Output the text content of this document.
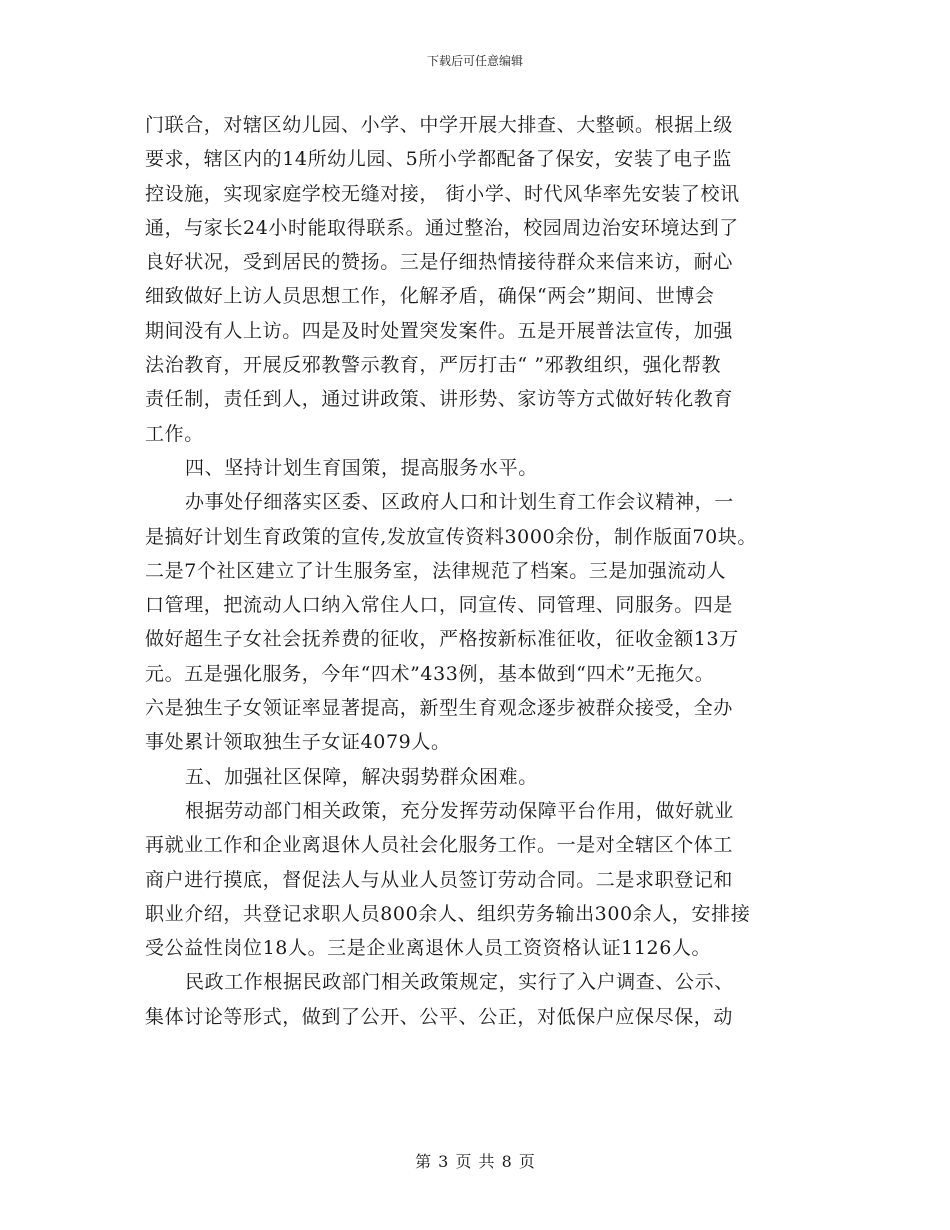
下载后可任意编辑
门联合，对辖区幼儿园、小学、中学开展大排查、大整顿。根据上级
要求，辖区内的14所幼儿园、5所小学都配备了保安，安装了电子监
控设施，实现家庭学校无缝对接， 街小学、时代风华率先安装了校讯
通，与家长24小时能取得联系。通过整治，校园周边治安环境达到了
良好状况，受到居民的赞扬。三是仔细热情接待群众来信来访，耐心
细致做好上访人员思想工作，化解矛盾，确保“两会”期间、世博会
期间没有人上访。四是及时处置突发案件。五是开展普法宣传，加强
法治教育，开展反邪教警示教育，严厉打击“ ”邪教组织，强化帮教
责任制，责任到人，通过讲政策、讲形势、家访等方式做好转化教育
工作。
四、坚持计划生育国策，提高服务水平。
办事处仔细落实区委、区政府人口和计划生育工作会议精神，一
是搞好计划生育政策的宣传,发放宣传资料3000余份，制作版面70块。
二是7个社区建立了计生服务室，法律规范了档案。三是加强流动人
口管理，把流动人口纳入常住人口，同宣传、同管理、同服务。四是
做好超生子女社会抚养费的征收，严格按新标准征收，征收金额13万
元。五是强化服务，今年“四术”433例，基本做到“四术”无拖欠。
六是独生子女领证率显著提高，新型生育观念逐步被群众接受，全办
事处累计领取独生子女证4079人。
五、加强社区保障，解决弱势群众困难。
根据劳动部门相关政策，充分发挥劳动保障平台作用，做好就业
再就业工作和企业离退休人员社会化服务工作。一是对全辖区个体工
商户进行摸底，督促法人与从业人员签订劳动合同。二是求职登记和
职业介绍，共登记求职人员800余人、组织劳务输出300余人，安排接
受公益性岗位18人。三是企业离退休人员工资资格认证1126人。
民政工作根据民政部门相关政策规定，实行了入户调查、公示、
集体讨论等形式，做到了公开、公平、公正，对低保户应保尽保，动
第 3 页 共 8 页
